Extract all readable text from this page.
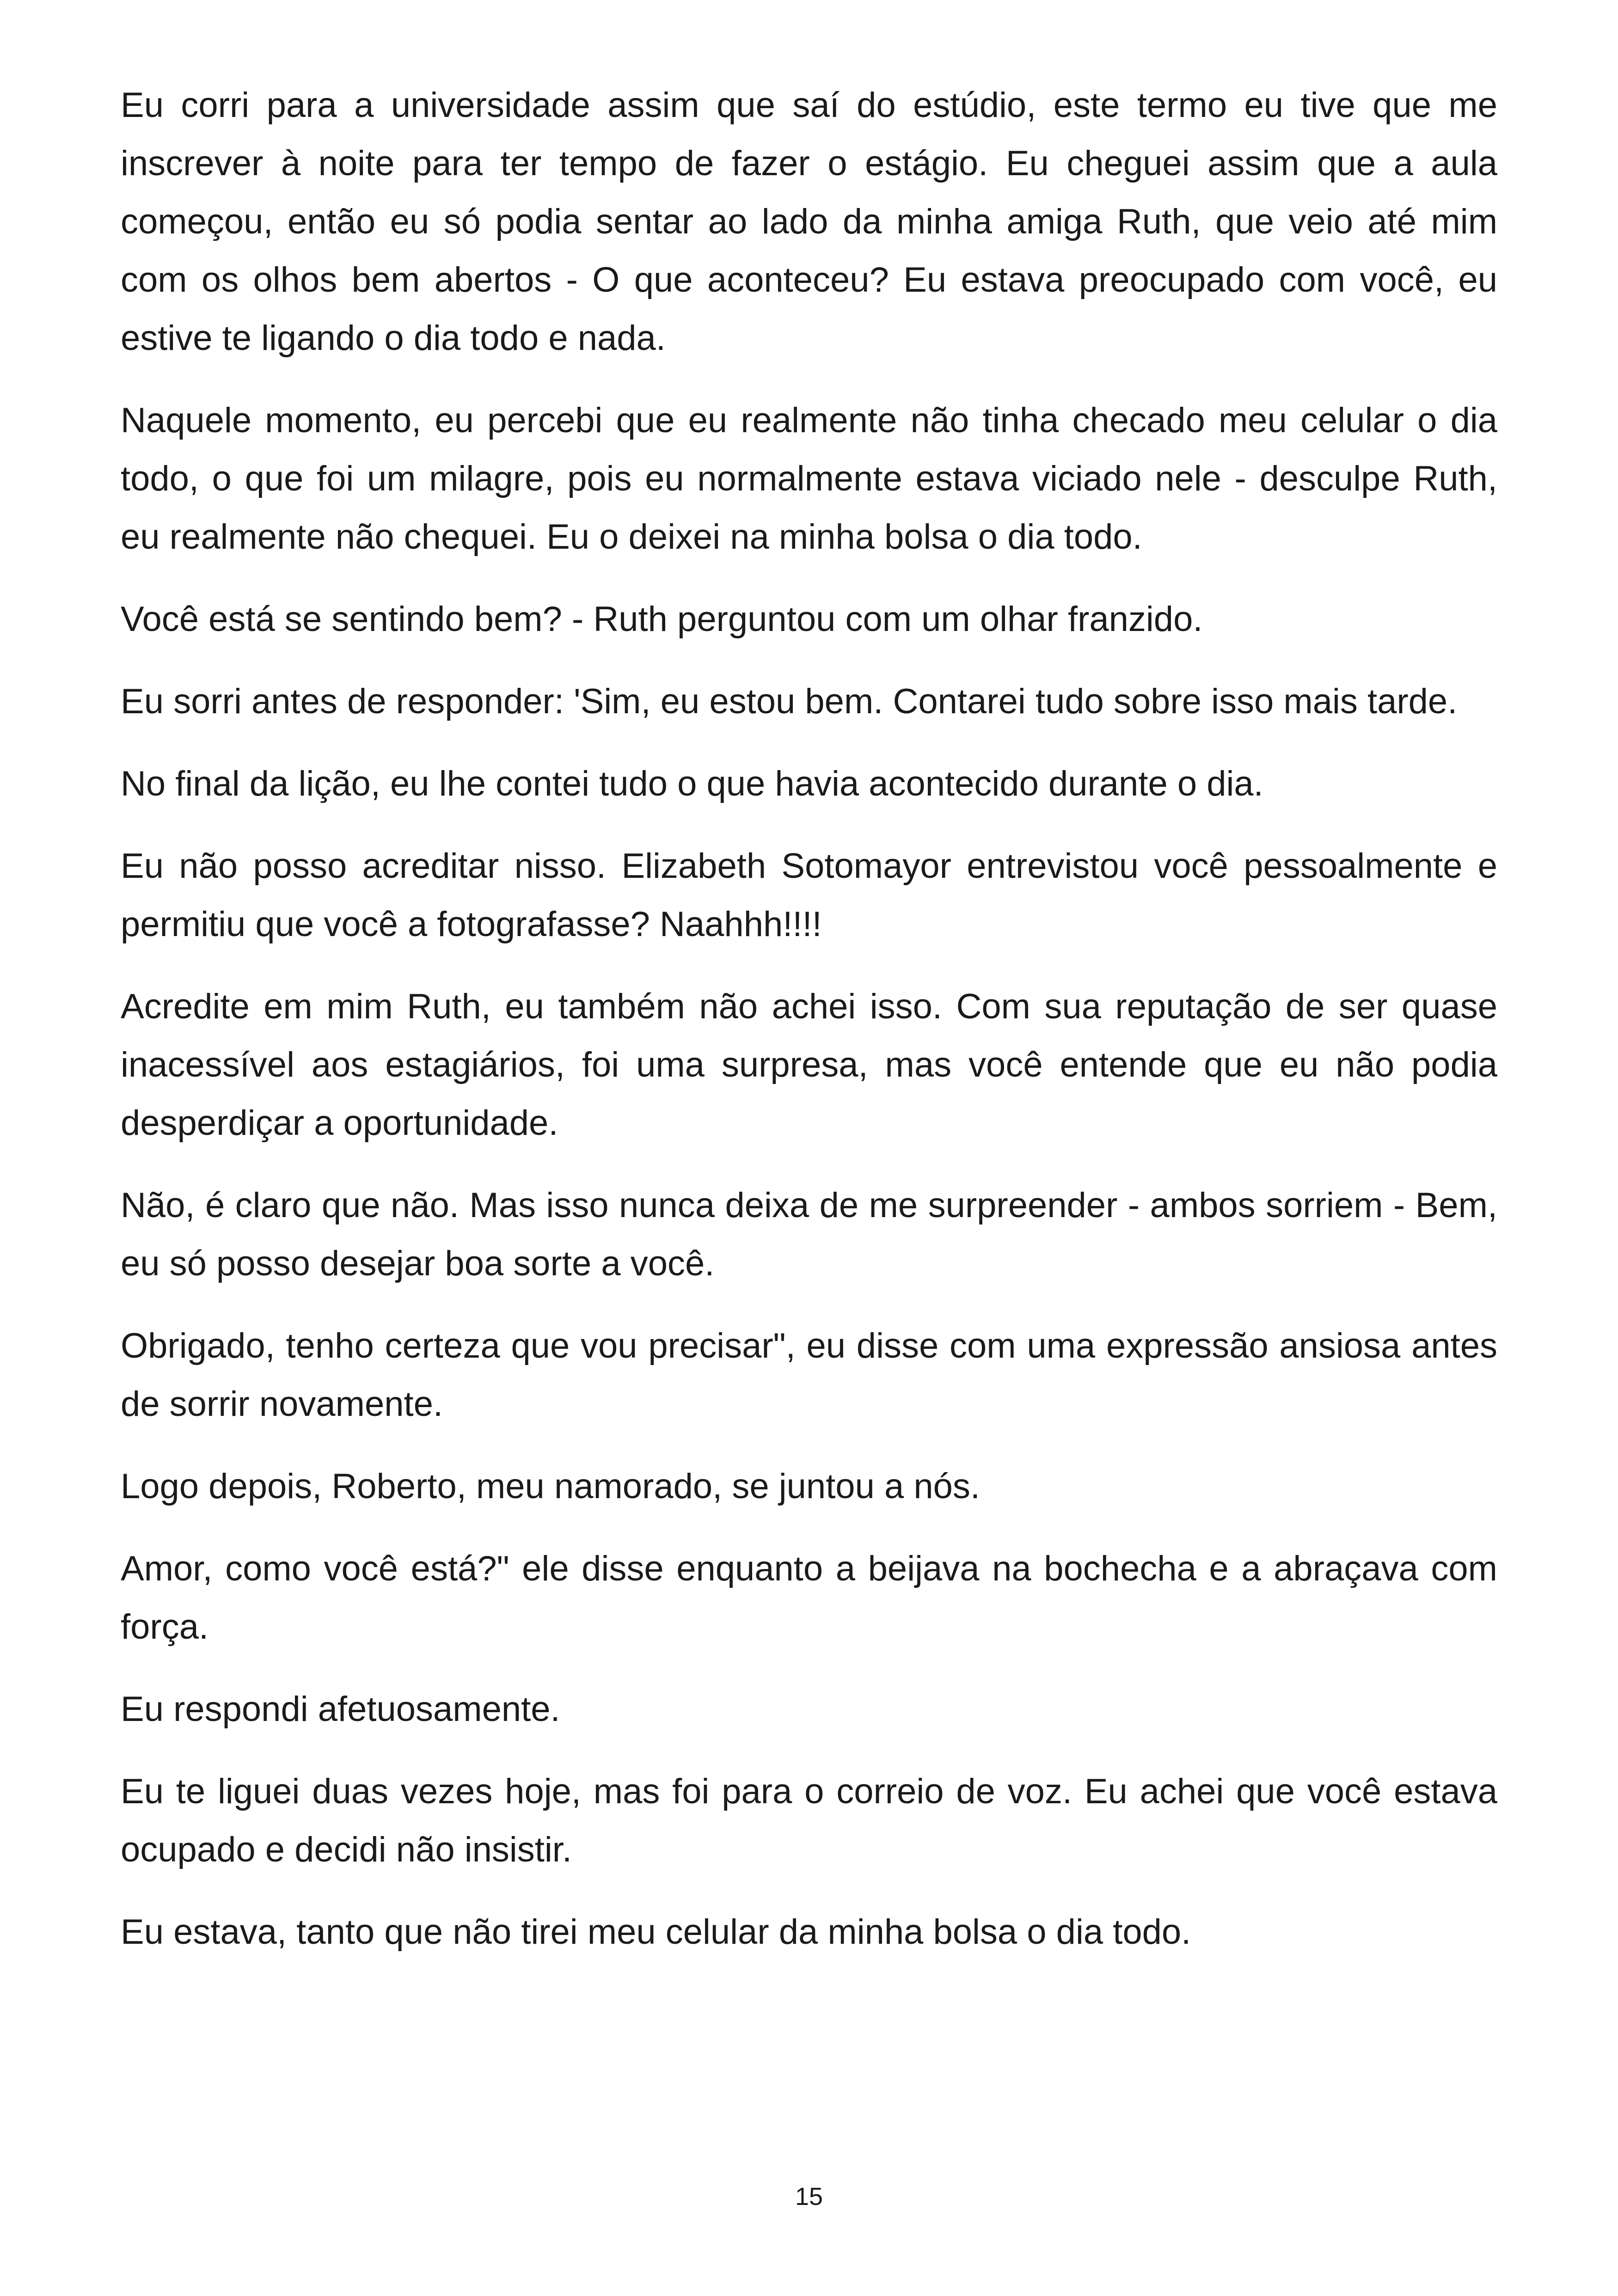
Eu corri para a universidade assim que saí do estúdio, este termo eu tive que me inscrever à noite para ter tempo de fazer o estágio. Eu cheguei assim que a aula começou, então eu só podia sentar ao lado da minha amiga Ruth, que veio até mim com os olhos bem abertos - O que aconteceu? Eu estava preocupado com você, eu estive te ligando o dia todo e nada.

Naquele momento, eu percebi que eu realmente não tinha checado meu celular o dia todo, o que foi um milagre, pois eu normalmente estava viciado nele - desculpe Ruth, eu realmente não chequei. Eu o deixei na minha bolsa o dia todo.

Você está se sentindo bem? - Ruth perguntou com um olhar franzido.

Eu sorri antes de responder: 'Sim, eu estou bem. Contarei tudo sobre isso mais tarde.

No final da lição, eu lhe contei tudo o que havia acontecido durante o dia.

Eu não posso acreditar nisso. Elizabeth Sotomayor entrevistou você pessoalmente e permitiu que você a fotografasse? Naahhh!!!!

Acredite em mim Ruth, eu também não achei isso. Com sua reputação de ser quase inacessível aos estagiários, foi uma surpresa, mas você entende que eu não podia desperdiçar a oportunidade.

Não, é claro que não. Mas isso nunca deixa de me surpreender - ambos sorriem - Bem, eu só posso desejar boa sorte a você.

Obrigado, tenho certeza que vou precisar", eu disse com uma expressão ansiosa antes de sorrir novamente.

Logo depois, Roberto, meu namorado, se juntou a nós.

Amor, como você está?" ele disse enquanto a beijava na bochecha e a abraçava com força.

Eu respondi afetuosamente.

Eu te liguei duas vezes hoje, mas foi para o correio de voz. Eu achei que você estava ocupado e decidi não insistir.

Eu estava, tanto que não tirei meu celular da minha bolsa o dia todo.

15
